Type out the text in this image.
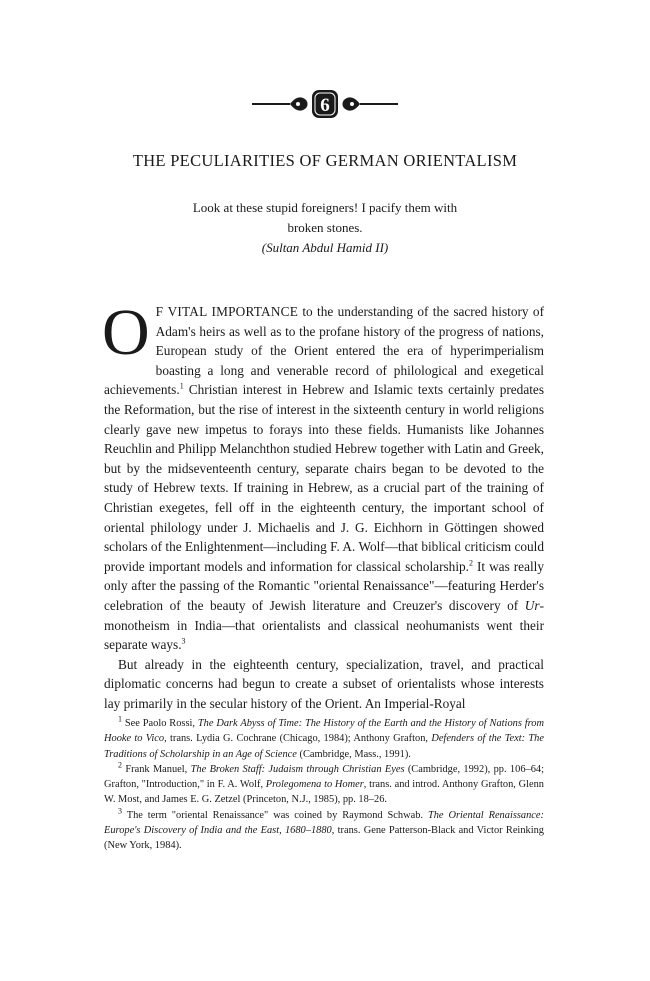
6
THE PECULIARITIES OF GERMAN ORIENTALISM
Look at these stupid foreigners! I pacify them with
broken stones.
(Sultan Abdul Hamid II)

O F VITAL IMPORTANCE to the understanding of the sacred history of Adam's heirs as well as to the profane history of the progress of nations, European study of the Orient entered the era of hyperimperialism boasting a long and venerable record of philological and exegetical achievements.$^1$ Christian interest in Hebrew and Islamic texts certainly predates the Reformation, but the rise of interest in the sixteenth century in world religions clearly gave new impetus to forays into these fields. Humanists like Johannes Reuchlin and Philipp Melanchthon studied Hebrew together with Latin and Greek, but by the midseventeenth century, separate chairs began to be devoted to the study of Hebrew texts. If training in Hebrew, as a crucial part of the training of Christian exegetes, fell off in the eighteenth century, the important school of oriental philology under J. Michaelis and J. G. Eichhorn in Göttingen showed scholars of the Enlightenment—including F. A. Wolf—that biblical criticism could provide important models and information for classical scholarship.$^2$ It was really only after the passing of the Romantic "oriental Renaissance"—featuring Herder's celebration of the beauty of Jewish literature and Creuzer's discovery of Ur-monotheism in India—that orientalists and classical neohumanists went their separate ways.$^3$

But already in the eighteenth century, specialization, travel, and practical diplomatic concerns had begun to create a subset of orientalists whose interests lay primarily in the secular history of the Orient. An Imperial-Royal

$^1$ See Paolo Rossi, The Dark Abyss of Time: The History of the Earth and the History of Nations from Hooke to Vico, trans. Lydia G. Cochrane (Chicago, 1984); Anthony Grafton, Defenders of the Text: The Traditions of Scholarship in an Age of Science (Cambridge, Mass., 1991).

$^2$ Frank Manuel, The Broken Staff: Judaism through Christian Eyes (Cambridge, 1992), pp. 106–64; Grafton, "Introduction," in F. A. Wolf, Prolegomena to Homer, trans. and introd. Anthony Grafton, Glenn W. Most, and James E. G. Zetzel (Princeton, N.J., 1985), pp. 18–26.

$^3$ The term "oriental Renaissance" was coined by Raymond Schwab. The Oriental Renaissance: Europe's Discovery of India and the East, 1680–1880, trans. Gene Patterson-Black and Victor Reinking (New York, 1984).
